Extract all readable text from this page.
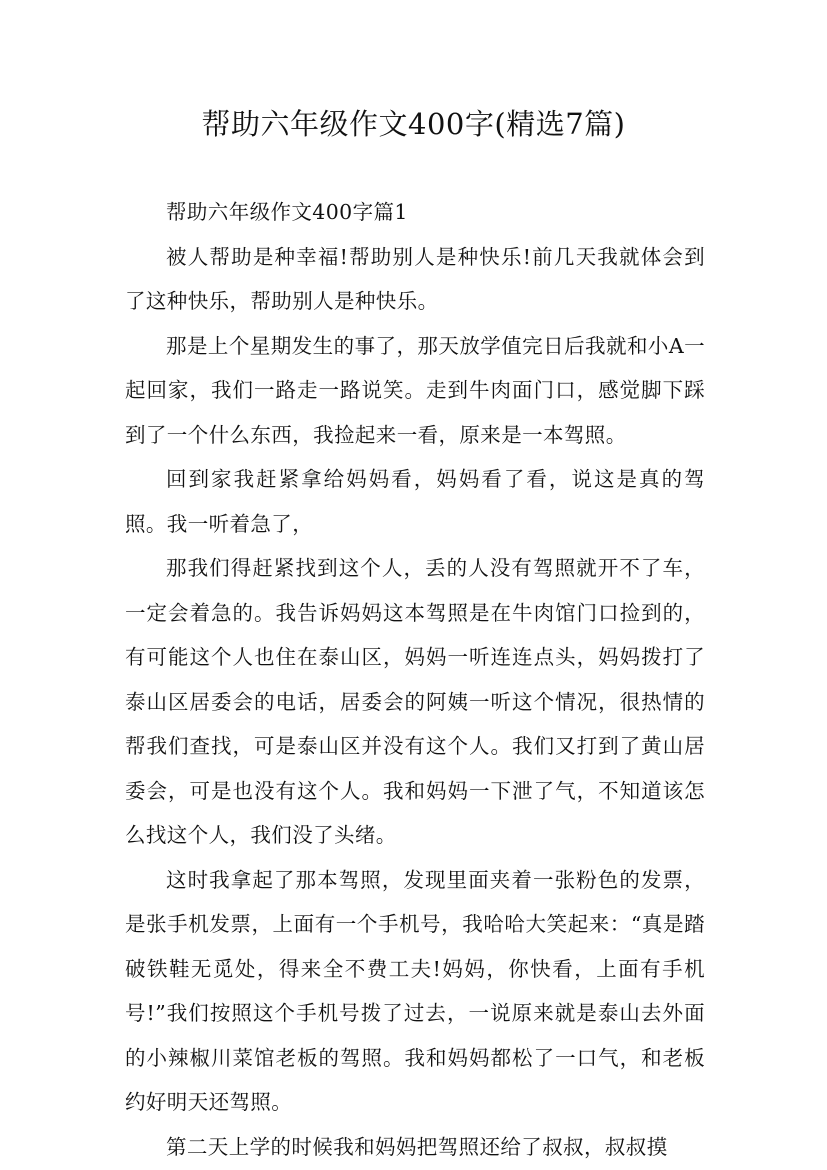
帮助六年级作文400字(精选7篇)

帮助六年级作文400字篇1

被人帮助是种幸福!帮助别人是种快乐!前几天我就体会到了这种快乐，帮助别人是种快乐。

那是上个星期发生的事了，那天放学值完日后我就和小A一起回家，我们一路走一路说笑。走到牛肉面门口，感觉脚下踩到了一个什么东西，我捡起来一看，原来是一本驾照。

回到家我赶紧拿给妈妈看，妈妈看了看，说这是真的驾照。我一听着急了，

那我们得赶紧找到这个人，丢的人没有驾照就开不了车，一定会着急的。我告诉妈妈这本驾照是在牛肉馆门口捡到的，有可能这个人也住在泰山区，妈妈一听连连点头，妈妈拨打了泰山区居委会的电话，居委会的阿姨一听这个情况，很热情的帮我们查找，可是泰山区并没有这个人。我们又打到了黄山居委会，可是也没有这个人。我和妈妈一下泄了气，不知道该怎么找这个人，我们没了头绪。

这时我拿起了那本驾照，发现里面夹着一张粉色的发票，是张手机发票，上面有一个手机号，我哈哈大笑起来：“真是踏破铁鞋无觅处，得来全不费工夫!妈妈，你快看，上面有手机号!”我们按照这个手机号拨了过去，一说原来就是泰山去外面的小辣椒川菜馆老板的驾照。我和妈妈都松了一口气，和老板约好明天还驾照。

第二天上学的时候我和妈妈把驾照还给了叔叔，叔叔摸
